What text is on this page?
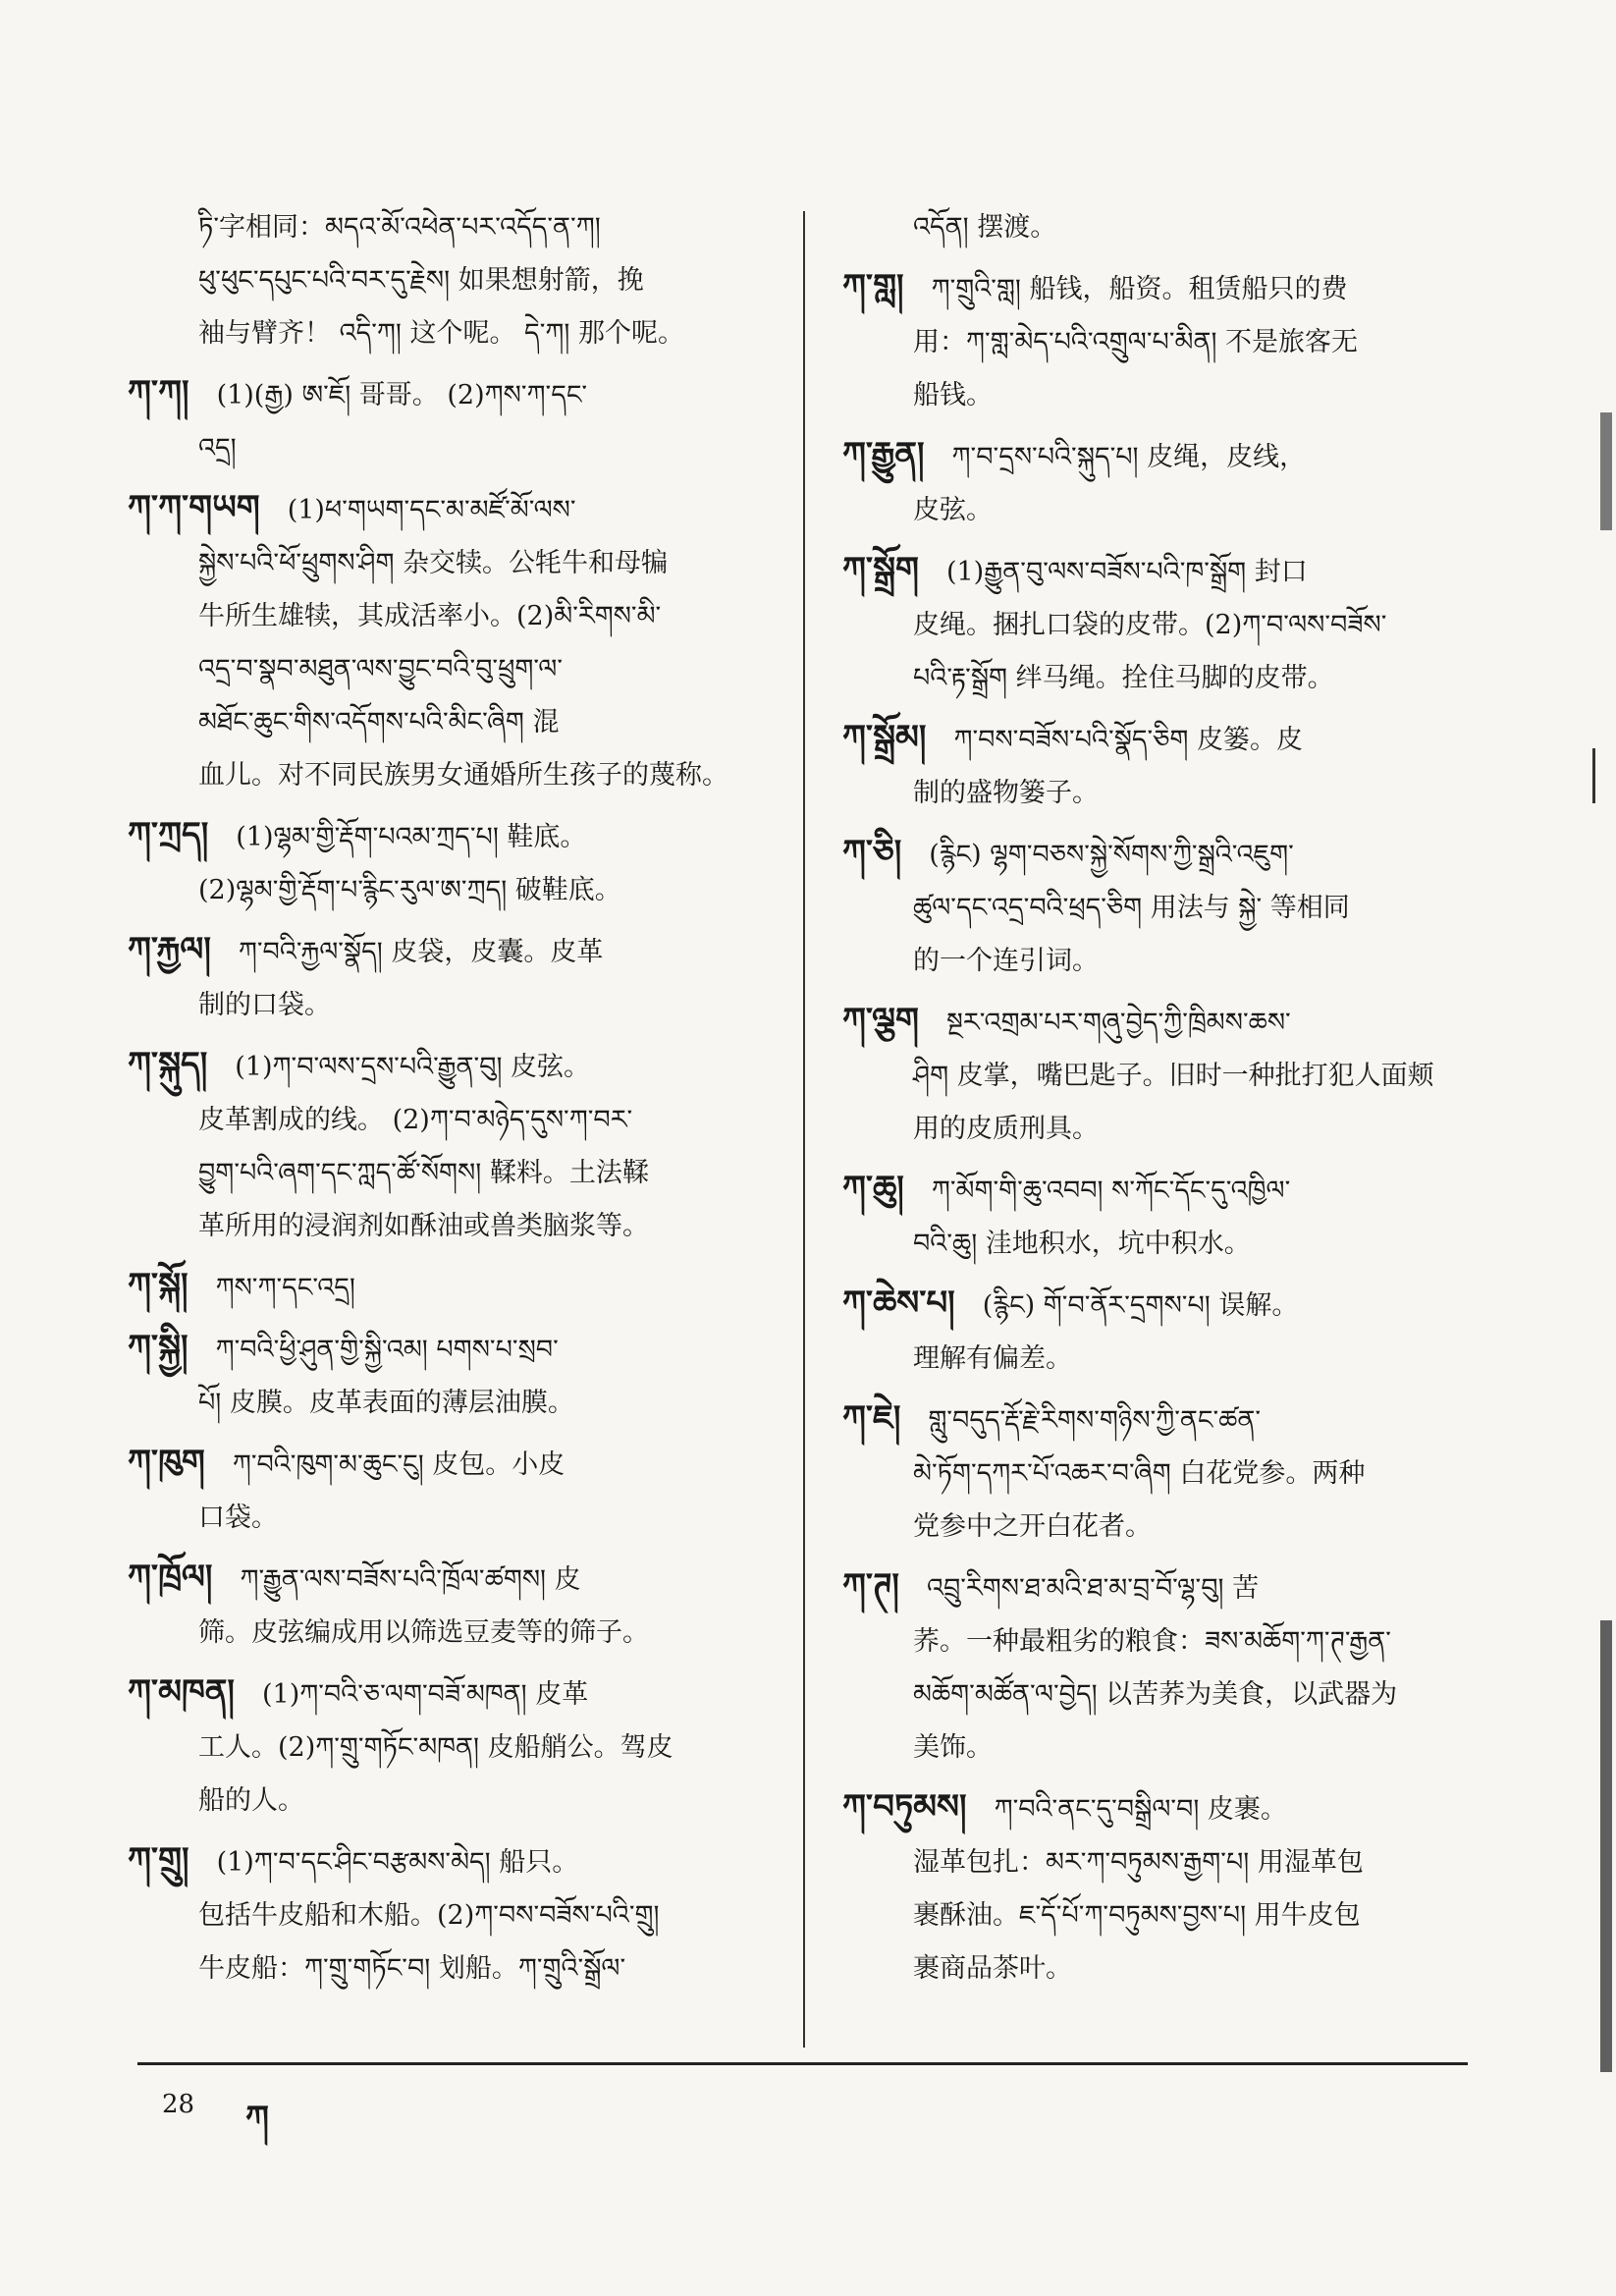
ཏི་字相同：མདའ་མོ་འཕེན་པར་འདོད་ན་ཀ།

ཕུ་ཕུང་དཔུང་པའི་བར་དུ་རྗེས། 如果想射箭，挽

袖与臂齐！ འདི་ཀ། 这个呢。 དེ་ཀ། 那个呢。

ཀ་ཀ། (1)(རྒྱ) ཨ་ཇོ། 哥哥。 (2)ཀས་ཀ་དང་

འདྲ།

ཀ་ཀ་གཡག (1)ཕ་གཡག་དང་མ་མཛོ་མོ་ལས་

སྐྱེས་པའི་ཕོ་ཕྲུགས་ཤིག 杂交犊。公牦牛和母犏

牛所生雄犊，其成活率小。(2)མི་རིགས་མི་

འདྲ་བ་སྣབ་མཐུན་ལས་བྱུང་བའི་བུ་ཕྲུག་ལ་

མཐོང་ཆུང་གིས་འདོགས་པའི་མིང་ཞིག 混

血儿。对不同民族男女通婚所生孩子的蔑称。

ཀ་ཀྲད། (1)ལྷམ་གྱི་རྡོག་པའམ་ཀྲད་པ། 鞋底。

(2)ལྷམ་གྱི་རྡོག་པ་རྙིང་རུལ་ཨ་ཀྲད། 破鞋底。

ཀ་རྐྱལ། ཀ་བའི་རྐྱལ་སྣོད། 皮袋，皮囊。皮革

制的口袋。

ཀ་སྐུད། (1)ཀ་བ་ལས་དྲས་པའི་རྒྱུན་བུ། 皮弦。

皮革割成的线。 (2)ཀ་བ་མཉེད་དུས་ཀ་བར་

བྱུག་པའི་ཞག་དང་ཀླད་ཚོ་སོགས། 鞣料。土法鞣

革所用的浸润剂如酥油或兽类脑浆等。

ཀ་སྐོ། ཀས་ཀ་དང་འདྲ།

ཀ་སྐྱི། ཀ་བའི་ཕྱི་ཤུན་གྱི་སྐྱི་འམ། པགས་པ་སྲབ་

པོ། 皮膜。皮革表面的薄层油膜。

ཀ་ཁུག ཀ་བའི་ཁུག་མ་ཆུང་ངུ། 皮包。小皮

口袋。

ཀ་ཁྲོལ། ཀ་རྒྱུན་ལས་བཟོས་པའི་ཁྲོལ་ཚགས། 皮

筛。皮弦编成用以筛选豆麦等的筛子。

ཀ་མཁན། (1)ཀ་བའི་ཅ་ལག་བཟོ་མཁན། 皮革

工人。(2)ཀ་གྲུ་གཏོང་མཁན། 皮船艄公。驾皮

船的人。

ཀ་གྲུ། (1)ཀ་བ་དང་ཤིང་བརྩམས་མེད། 船只。

包括牛皮船和木船。(2)ཀ་བས་བཟོས་པའི་གྲུ།

牛皮船：ཀ་གྲུ་གཏོང་བ། 划船。ཀ་གྲུའི་སྒྲོལ་

འདོན། 摆渡。

ཀ་གླ། ཀ་གྲུའི་གླ། 船钱，船资。租赁船只的费

用：ཀ་གླ་མེད་པའི་འགྲུལ་པ་མིན། 不是旅客无

船钱。

ཀ་རྒྱུན། ཀ་བ་དྲས་པའི་སྐུད་པ། 皮绳，皮线，

皮弦。

ཀ་སྒྲོག (1)རྒྱུན་བུ་ལས་བཟོས་པའི་ཁ་སྒྲོག 封口

皮绳。捆扎口袋的皮带。(2)ཀ་བ་ལས་བཟོས་

པའི་རྟ་སྒྲོག 绊马绳。拴住马脚的皮带。

ཀ་སྒྲོམ། ཀ་བས་བཟོས་པའི་སྣོད་ཅིག 皮篓。皮

制的盛物篓子。

ཀ་ཅི། (རྙིང) ལྷག་བཅས་སྐྱེ་སོགས་ཀྱི་སྒྲའི་འཇུག་

ཚུལ་དང་འདྲ་བའི་ཕྲད་ཅིག 用法与 སྐྱེ་ 等相同

的一个连引词。

ཀ་ལྕག སྔར་འགྲམ་པར་གཞུ་བྱེད་ཀྱི་ཁྲིམས་ཆས་

ཤིག 皮掌，嘴巴匙子。旧时一种批打犯人面颊

用的皮质刑具。

ཀ་ཆུ། ཀ་མོག་གི་ཆུ་འབབ། ས་ཀོང་དོང་དུ་འཁྱིལ་

བའི་ཆུ། 洼地积水，坑中积水。

ཀ་ཆེས་པ། (རྙིང) གོ་བ་ནོར་དྲགས་པ། 误解。

理解有偏差。

ཀ་ཇེ། གླུ་བདུད་རྡོ་རྗེ་རིགས་གཉིས་ཀྱི་ནང་ཚན་

མེ་ཏོག་དཀར་པོ་འཆར་བ་ཞིག 白花党参。两种

党参中之开白花者。

ཀ་ཊ། འབྲུ་རིགས་ཐ་མའི་ཐ་མ་བྲ་བོ་ལྷ་བུ། 苦

荞。一种最粗劣的粮食：ཟས་མཆོག་ཀ་ཊ་རྒྱན་

མཆོག་མཚོན་ལ་བྱེད། 以苦荞为美食，以武器为

美饰。

ཀ་བཏུམས། ཀ་བའི་ནང་དུ་བསྒྲིལ་བ། 皮裹。

湿革包扎：མར་ཀ་བཏུམས་རྒྱག་པ། 用湿革包

裹酥油。ཇ་དོ་པོ་ཀ་བཏུམས་བྱས་པ། 用牛皮包

裹商品茶叶。

28 ཀ
